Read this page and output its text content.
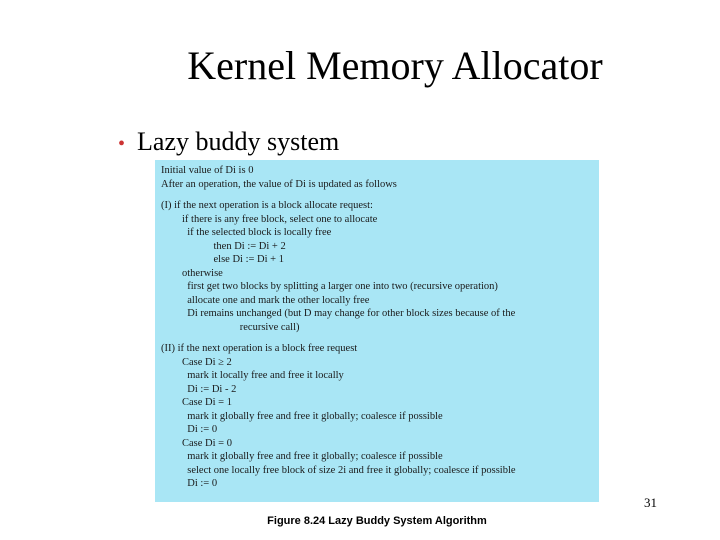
Kernel Memory Allocator
• Lazy buddy system
Initial value of Di is 0
After an operation, the value of Di is updated as follows
(I) if the next operation is a block allocate request:
if there is any free block, select one to allocate
if the selected block is locally free
then Di := Di + 2
else Di := Di + 1
otherwise
first get two blocks by splitting a larger one into two (recursive operation)
allocate one and mark the other locally free
Di remains unchanged (but D may change for other block sizes because of the
recursive call)
(II) if the next operation is a block free request
Case Di ≥ 2
mark it locally free and free it locally
Di := Di - 2
Case Di = 1
mark it globally free and free it globally; coalesce if possible
Di := 0
Case Di = 0
mark it globally free and free it globally; coalesce if possible
select one locally free block of size 2i and free it globally; coalesce if possible
Di := 0
31
Figure 8.24 Lazy Buddy System Algorithm
